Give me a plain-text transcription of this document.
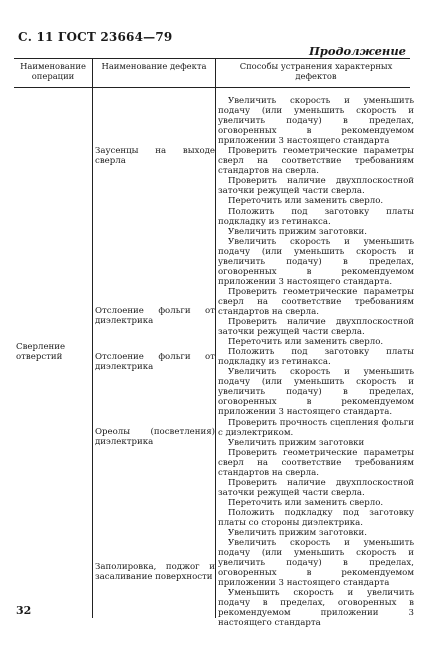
С. 11 ГОСТ 23664—79
Продолжение
Наименование операции
Наименование дефекта	Способы устранения характерных дефектов
Сверление отверстий
Заусенцы на выходе сверла
Отслоение фольги от диэлектрика
Отслоение фольги от диэлектрика
Ореолы (посветления) диэлектрика
Заполировка, поджог и засаливание поверхности
Увеличить скорость и уменьшить подачу (или уменьшить скорость и увеличить подачу) в пределах, оговоренных в рекомендуемом приложении 3 настоящего стандарта
Проверить геометрические параметры сверл на соответствие требованиям стандартов на сверла.
Проверить наличие двухплоскостной заточки режущей части сверла.
Переточить или заменить сверло.
Положить под заготовку платы подкладку из гетинакса.
Увеличить прижим заготовки.
Увеличить скорость и уменьшить подачу (или уменьшить скорость и увеличить подачу) в пределах, оговоренных в рекомендуемом приложении 3 настоящего стандарта.
Проверить геометрические параметры сверл на соответствие требованиям стандартов на сверла.
Проверить наличие двухплоскостной заточки режущей части сверла.
Переточить или заменить сверло.
Положить под заготовку платы подкладку из гетинакса.
Увеличить скорость и уменьшить подачу (или уменьшить скорость и увеличить подачу) в пределах, оговоренных в рекомендуемом приложении 3 настоящего стандарта.
Проверить прочность сцепления фольги с диэлектриком.
Увеличить прижим заготовки
Проверить геометрические параметры сверл на соответствие требованиям стандартов на сверла.
Проверить наличие двухплоскостной заточки режущей части сверла.
Переточить или заменить сверло.
Положить подкладку под заготовку платы со стороны диэлектрика.
Увеличить прижим заготовки.
Увеличить скорость и уменьшить подачу (или уменьшить скорость и увеличить подачу) в пределах, оговоренных в рекомендуемом приложении 3 настоящего стандарта
Уменьшить скорость и увеличить подачу в пределах, оговоренных в рекомендуемом приложении 3 настоящего стандарта
32
